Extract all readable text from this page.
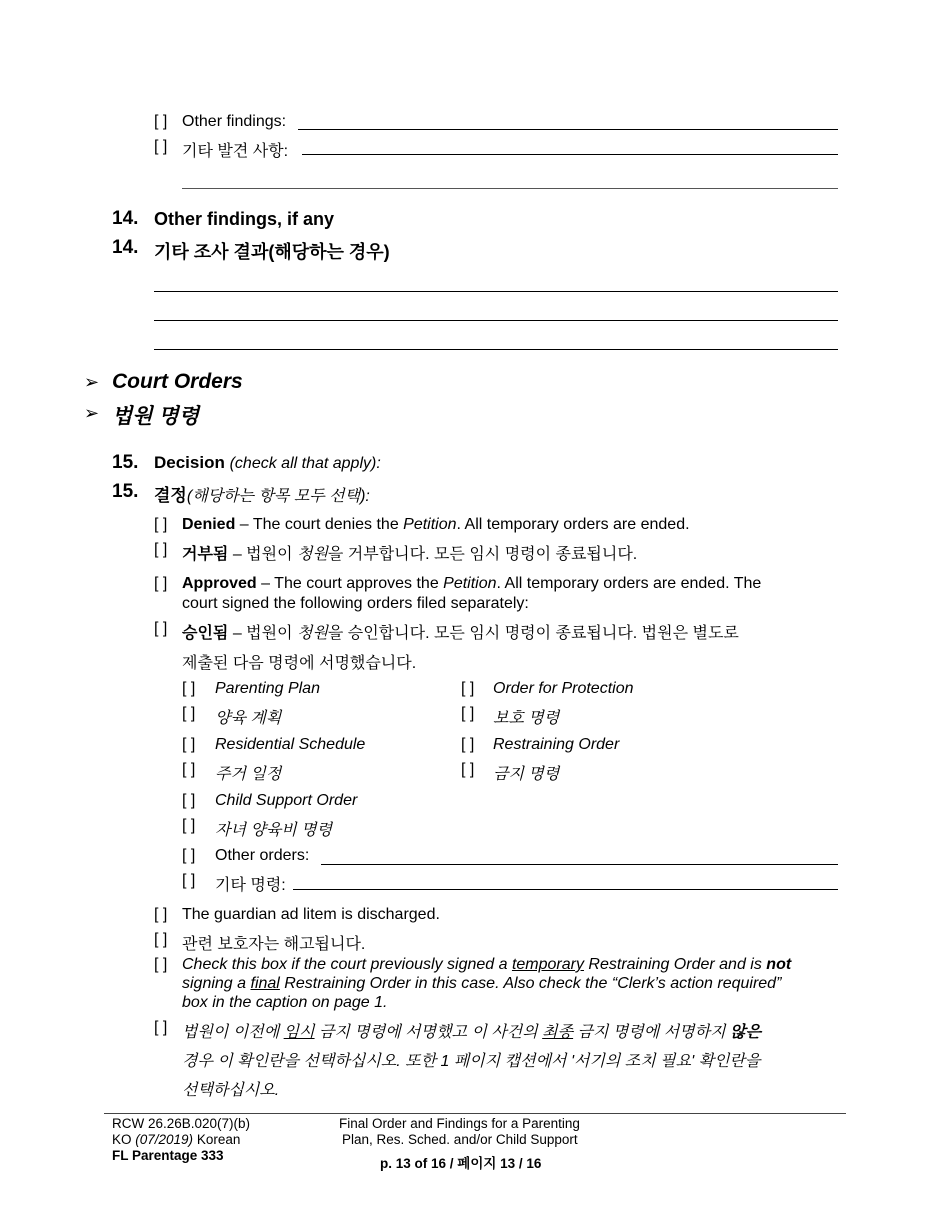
[ ] Other findings:
[ ] 기타 발견 사항:
14. Other findings, if any
14. 기타 조사 결과(해당하는 경우)
➢ Court Orders
➢ 법원 명령
15. Decision (check all that apply):
15. 결정(해당하는 항목 모두 선택):
[ ] Denied – The court denies the Petition. All temporary orders are ended.
[ ] 거부됨 – 법원이 청원을 거부합니다. 모든 임시 명령이 종료됩니다.
[ ] Approved – The court approves the Petition. All temporary orders are ended. The
court signed the following orders filed separately:
[ ] 승인됨 – 법원이 청원을 승인합니다. 모든 임시 명령이 종료됩니다. 법원은 별도로
제출된 다음 명령에 서명했습니다.
[ ] Parenting Plan	[ ] Order for Protection
[ ] 양육 계획	[ ] 보호 명령
[ ] Residential Schedule	[ ] Restraining Order
[ ] 주거 일정	[ ] 금지 명령
[ ] Child Support Order
[ ] 자녀 양육비 명령
[ ] Other orders:
[ ] 기타 명령:
[ ] The guardian ad litem is discharged.
[ ] 관련 보호자는 해고됩니다.
[ ] Check this box if the court previously signed a temporary Restraining Order and is not
signing a final Restraining Order in this case. Also check the “Clerk’s action required”
box in the caption on page 1.
[ ] 법원이 이전에 임시 금지 명령에 서명했고 이 사건의 최종 금지 명령에 서명하지 않은
경우 이 확인란을 선택하십시오. 또한 1 페이지 캡션에서 '서기의 조치 필요' 확인란을
선택하십시오.
RCW 26.26B.020(7)(b)
KO (07/2019) Korean
FL Parentage 333
Final Order and Findings for a Parenting
Plan, Res. Sched. and/or Child Support
p. 13 of 16 / 페이지 13 / 16
